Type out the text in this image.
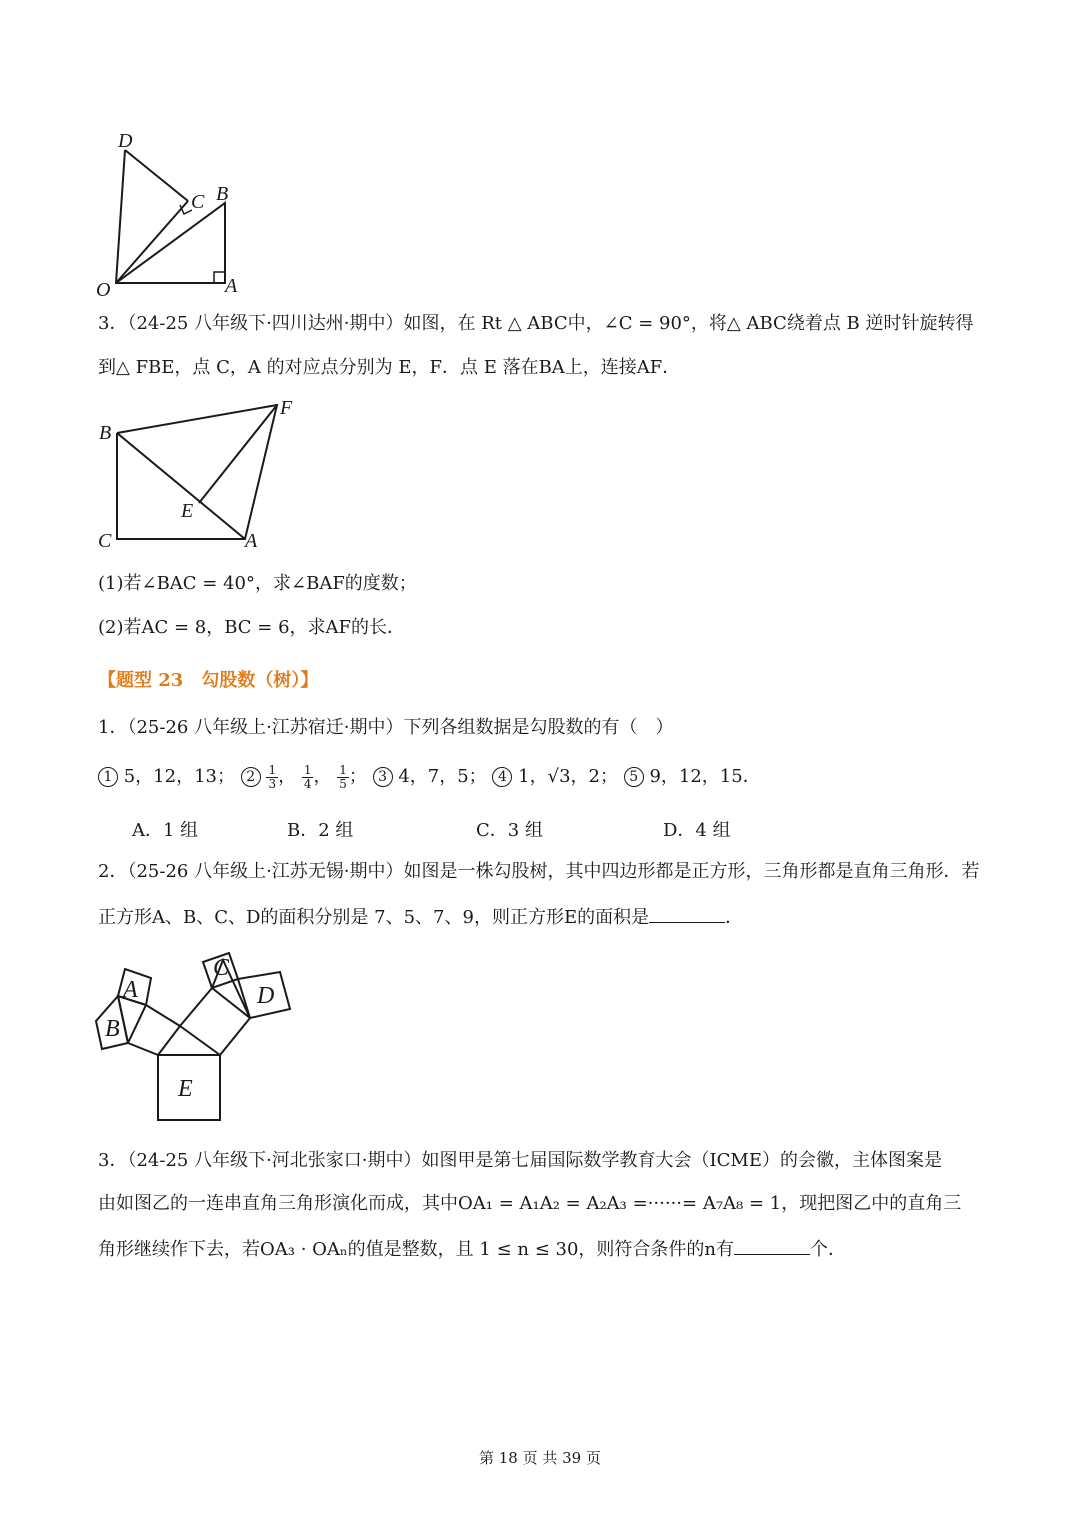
D
C B
O	A
3．（24-25 八年级下·四川达州·期中）如图，在 Rt △ ABC中，∠C = 90°，将△ ABC绕着点 B 逆时针旋转得
到△ FBE，点 C，A 的对应点分别为 E，F．点 E 落在BA上，连接AF．
B
F
E
C	A
(1)若∠BAC = 40°，求∠BAF的度数；
(2)若AC = 8，BC = 6，求AF的长．
【题型 23　勾股数（树）】
1．（25-26 八年级上·江苏宿迁·期中）下列各组数据是勾股数的有（　）
1 5，12，13； $2 \frac{1}{3}$ ， $\frac{1}{4}$ ， $\frac{1}{5}$ ； 3 4，7，5； 4 1，√3，2； 5 9，12，15．
A．1 组	B．2 组	C．3 组	D．4 组
2．（25-26 八年级上·江苏无锡·期中）如图是一株勾股树，其中四边形都是正方形，三角形都是直角三角形．若
正方形A、B、C、D的面积分别是 7、5、7、9，则正方形E的面积是	．
A
B
C
D
E
3．（24-25 八年级下·河北张家口·期中）如图甲是第七届国际数学教育大会（ICME）的会徽，主体图案是
由如图乙的一连串直角三角形演化而成，其中OA₁ = A₁A₂ = A₂A₃ =······= A₇A₈ = 1，现把图乙中的直角三
角形继续作下去，若OA₃ · OAₙ的值是整数，且 1 ≤ n ≤ 30，则符合条件的n有	个．
第 18 页 共 39 页
